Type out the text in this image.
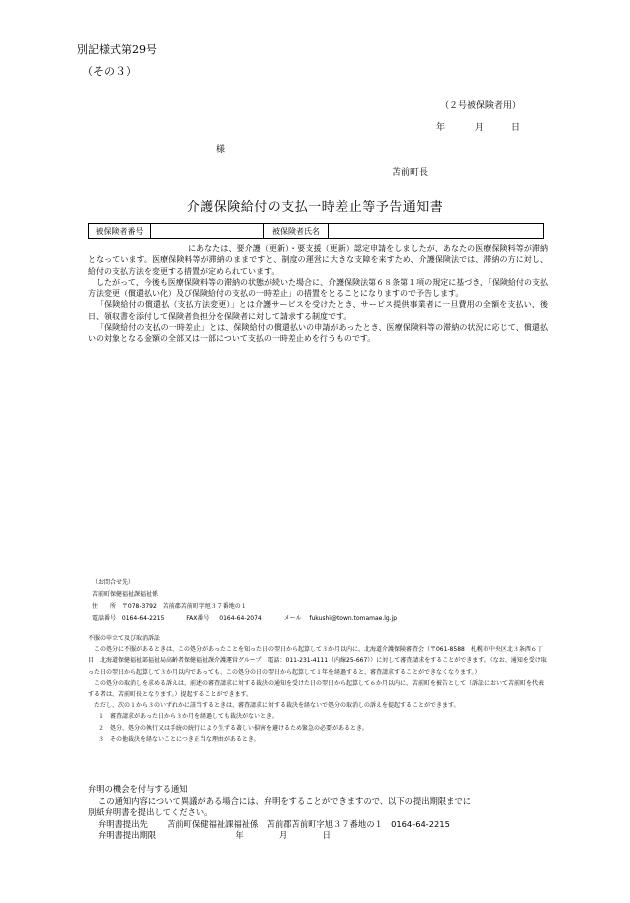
別記様式第29号
（その３）
（２号被保険者用）
年	月	日
様
苫前町長
介護保険給付の支払一時差止等予告通知書
被保険者番号	被保険者氏名

にあなたは、要介護（更新）・要支援（更新）認定申請をしましたが、あなたの医療保険料等が滞納となっています。医療保険料等が滞納のままですと、制度の運営に大きな支障を来すため、介護保険法では、滞納の方に対し、給付の支払方法を変更する措置が定められています。

したがって、今後も医療保険料等の滞納の状態が続いた場合に、介護保険法第６８条第１項の規定に基づき、「保険給付の支払方法変更（償還払い化）及び保険給付の支払の一時差止」の措置をとることになりますので予告します。

「保険給付の償還払（支払方法変更）」とは介護サービスを受けたとき、サービス提供事業者に一旦費用の全額を支払い、後日、領収書を添付して保険者負担分を保険者に対して請求する制度です。

「保険給付の支払の一時差止」とは、保険給付の償還払いの申請があったとき、医療保険料等の滞納の状況に応じて、償還払いの対象となる金額の全部又は一部について支払の一時差止めを行うものです。

（お問合せ先）
苫前町保健福祉課福祉係
住　　所 〒078-3792　苫前郡苫前町字旭３７番地の１
電話番号 0164-64-2215	FAX番号 0164-64-2074	メール fukushi@town.tomamae.lg.jp

不服の申立て及び取消訴訟

この処分に不服があるときは、この処分があったことを知った日の翌日から起算して３か月以内に、北海道介護保険審査会（〒061-8588　札幌市中央区北３条西６丁目　北海道保健福祉部福祉局高齢者保健福祉課介護運営グループ　電話：011-231-4111（内線25-667））に対して審査請求をすることができます。（なお、通知を受け取った日の翌日から起算して３か月以内であっても、この処分の日の翌日から起算して１年を経過すると、審査請求することができなくなります。）

この処分の取消しを求める訴えは、前述の審査請求に対する裁決の通知を受けた日の翌日から起算して６か月以内に、苫前町を被告として（訴訟において苫前町を代表する者は、苫前町長となります。）提起することができます。

ただし、次の１から３のいずれかに該当するときは、審査請求に対する裁決を経ないで処分の取消しの訴えを提起することができます。

１　審査請求があった日から３か月を経過しても裁決がないとき。

２　処分、処分の執行又は手続の続行により生ずる著しい損害を避けるため緊急の必要があるとき。

３　その他裁決を経ないことにつき正当な理由があるとき。

弁明の機会を付与する通知

この通知内容について異議がある場合には、弁明をすることができますので、以下の提出期限までに

別紙弁明書を提出してください。

弁明書提出先 苫前町保健福祉課福祉係　苫前郡苫前町字旭３７番地の１　0164-64-2215

弁明書提出期限	年	月	日
